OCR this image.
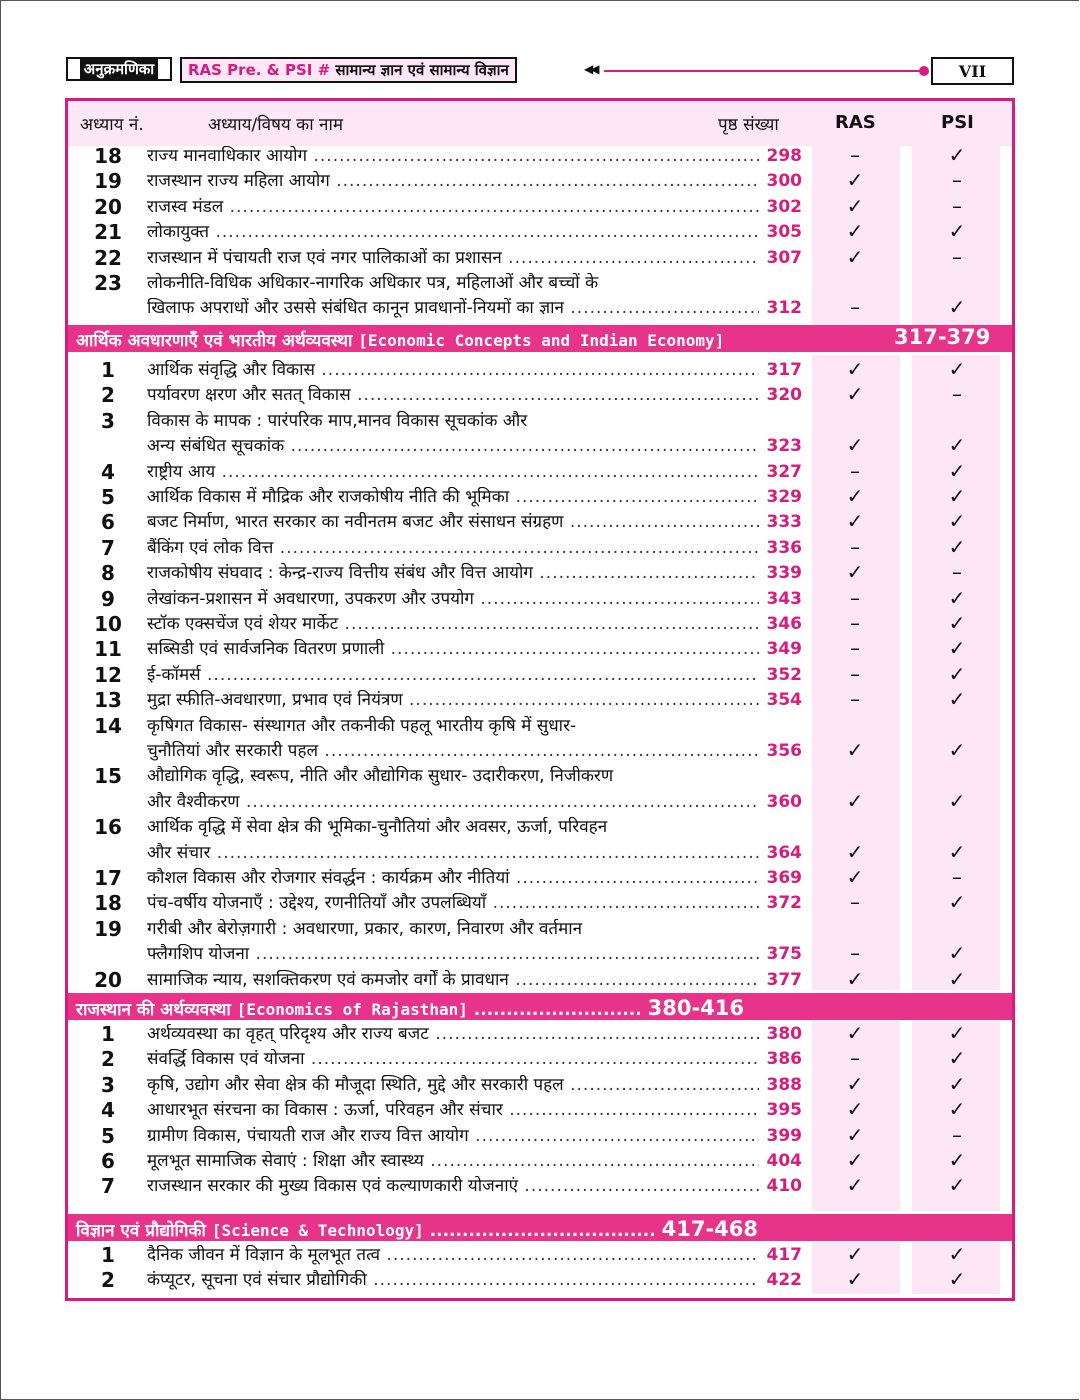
अनुक्रमणिका RAS Pre. & PSI #
सामान्य ज्ञान एवं सामान्य विज्ञान	◀◀	VII
अध्याय नं.	अध्याय/विषय का नाम	पृष्ठ संख्या	RAS	PSI
18	राज्य मानवाधिकार आयोग .....	298	–	✓
19	राजस्थान राज्य महिला आयोग .....	300	✓	–
20	राजस्व मंडल .....	302	✓	–
21	लोकायुक्त .....	305	✓	✓
22	राजस्थान में पंचायती राज एवं नगर पालिकाओं का प्रशासन .....	307	✓	–
23	लोकनीति-विधिक अधिकार-नागरिक अधिकार पत्र, महिलाओं और बच्चों के
खिलाफ अपराधों और उससे संबंधित कानून प्रावधानों-नियमों का ज्ञान .....	312	–	✓
317-379
आर्थिक अवधारणाएँ एवं भारतीय अर्थव्यवस्था [Economic Concepts and Indian Economy]
1	आर्थिक संवृद्धि और विकास .....	317	✓	✓
2	पर्यावरण क्षरण और सतत् विकास .....	320	✓	–
3	विकास के मापक : पारंपरिक माप,मानव विकास सूचकांक और
अन्य संबंधित सूचकांक .....	323	✓	✓
4	राष्ट्रीय आय .....	327	–	✓
5	आर्थिक विकास में मौद्रिक और राजकोषीय नीति की भूमिका .....	329	✓	✓
6	बजट निर्माण, भारत सरकार का नवीनतम बजट और संसाधन संग्रहण .....	333	✓	✓
7	बैंकिंग एवं लोक वित्त .....	336	–	✓
8	राजकोषीय संघवाद : केन्द्र-राज्य वित्तीय संबंध और वित्त आयोग .....	339	✓	–
9	लेखांकन-प्रशासन में अवधारणा, उपकरण और उपयोग .....	343	–	✓
10	स्टॉक एक्सचेंज एवं शेयर मार्केट .....	346	–	✓
11	सब्सिडी एवं सार्वजनिक वितरण प्रणाली .....	349	–	✓
12	ई-कॉमर्स .....	352	–	✓
13	मुद्रा स्फीति-अवधारणा, प्रभाव एवं नियंत्रण .....	354	–	✓
14	कृषिगत विकास- संस्थागत और तकनीकी पहलू भारतीय कृषि में सुधार-
चुनौतियां और सरकारी पहल .....	356	✓	✓
15	औद्योगिक वृद्धि, स्वरूप, नीति और औद्योगिक सुधार- उदारीकरण, निजीकरण
और वैश्वीकरण .....	360	✓	✓
16	आर्थिक वृद्धि में सेवा क्षेत्र की भूमिका-चुनौतियां और अवसर, ऊर्जा, परिवहन
और संचार .....	364	✓	✓
17	कौशल विकास और रोजगार संवर्द्धन : कार्यक्रम और नीतियां .....	369	✓	–
18	पंच-वर्षीय योजनाएँ : उद्देश्य, रणनीतियाँ और उपलब्धियाँ .....	372	–	✓
19	गरीबी और बेरोज़गारी : अवधारणा, प्रकार, कारण, निवारण और वर्तमान
फ्लैगशिप योजना .....	375	–	✓
20	सामाजिक न्याय, सशक्तिकरण एवं कमजोर वर्गों के प्रावधान .....	377	✓	✓
राजस्थान की अर्थव्यवस्था [Economics of Rajasthan] .......................... 380-416
1	अर्थव्यवस्था का वृहत् परिदृश्य और राज्य बजट .....	380	✓	✓
2	संवर्द्धि विकास एवं योजना .....	386	–	✓
3	कृषि, उद्योग और सेवा क्षेत्र की मौजूदा स्थिति, मुद्दे और सरकारी पहल .....	388	✓	✓
4	आधारभूत संरचना का विकास : ऊर्जा, परिवहन और संचार .....	395	✓	✓
5	ग्रामीण विकास, पंचायती राज और राज्य वित्त आयोग .....	399	✓	–
6	मूलभूत सामाजिक सेवाएं : शिक्षा और स्वास्थ्य .....	404	✓	✓
7	राजस्थान सरकार की मुख्य विकास एवं कल्याणकारी योजनाएं .....	410	✓	✓
विज्ञान एवं प्रौद्योगिकी [Science & Technology] ................................... 417-468
1	दैनिक जीवन में विज्ञान के मूलभूत तत्व .....	417	✓	✓
2	कंप्यूटर, सूचना एवं संचार प्रौद्योगिकी .....	422	✓	✓
